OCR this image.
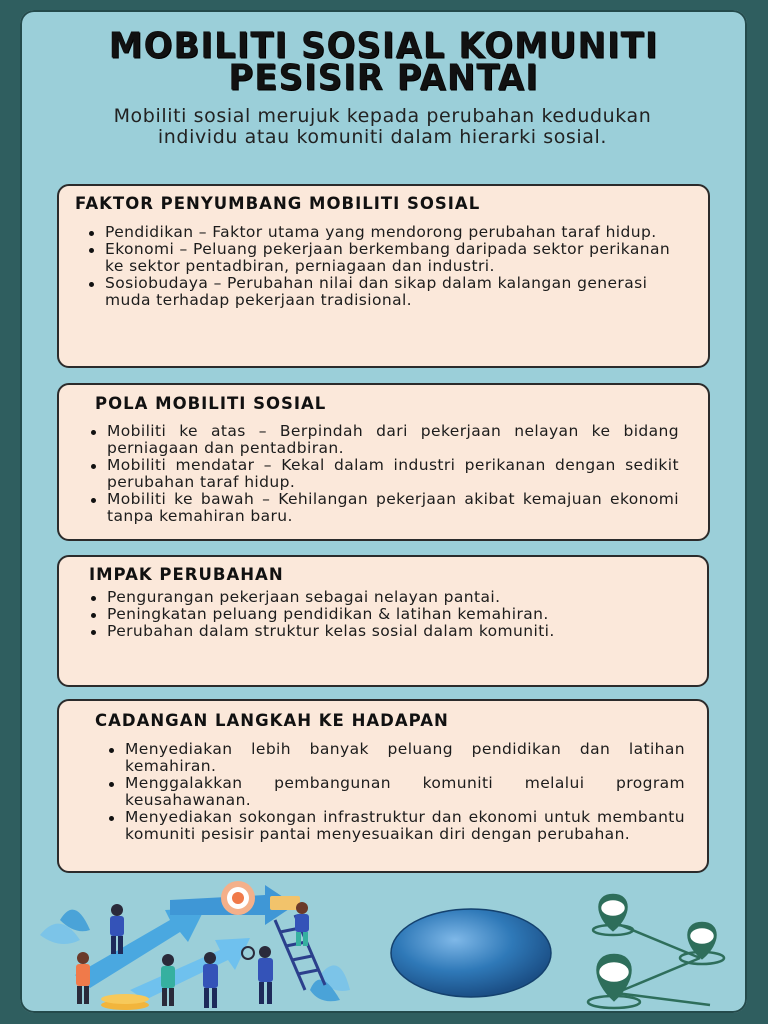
MOBILITI SOSIAL KOMUNITI
PESISIR PANTAI
Mobiliti sosial merujuk kepada perubahan kedudukan individu atau komuniti dalam hierarki sosial.
FAKTOR PENYUMBANG MOBILITI SOSIAL
Pendidikan – Faktor utama yang mendorong perubahan taraf hidup.
Ekonomi – Peluang pekerjaan berkembang daripada sektor perikanan ke sektor pentadbiran, perniagaan dan industri.
Sosiobudaya – Perubahan nilai dan sikap dalam kalangan generasi muda terhadap pekerjaan tradisional.
POLA MOBILITI SOSIAL
Mobiliti ke atas – Berpindah dari pekerjaan nelayan ke bidang perniagaan dan pentadbiran.
Mobiliti mendatar – Kekal dalam industri perikanan dengan sedikit perubahan taraf hidup.
Mobiliti ke bawah – Kehilangan pekerjaan akibat kemajuan ekonomi tanpa kemahiran baru.
IMPAK PERUBAHAN
Pengurangan pekerjaan sebagai nelayan pantai.
Peningkatan peluang pendidikan & latihan kemahiran.
Perubahan dalam struktur kelas sosial dalam komuniti.
CADANGAN LANGKAH KE HADAPAN
Menyediakan lebih banyak peluang pendidikan dan latihan kemahiran.
Menggalakkan pembangunan komuniti melalui program keusahawanan.
Menyediakan sokongan infrastruktur dan ekonomi untuk membantu komuniti pesisir pantai menyesuaikan diri dengan perubahan.
